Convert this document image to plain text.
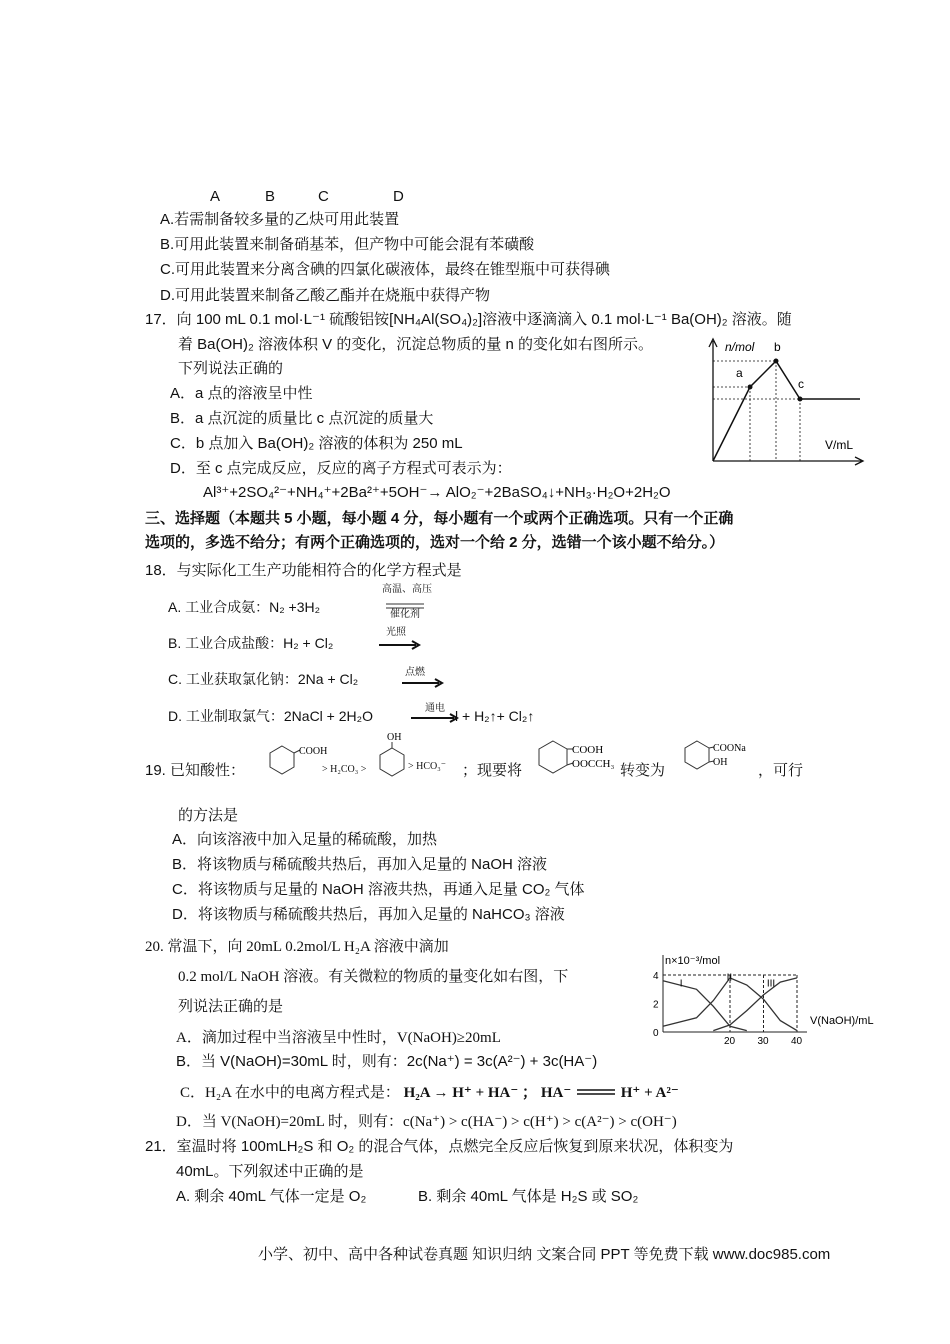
A	B	C	D
A.若需制备较多量的乙炔可用此装置
B.可用此装置来制备硝基苯，但产物中可能会混有苯磺酸
C.可用此装置来分离含碘的四氯化碳液体，最终在锥型瓶中可获得碘
D.可用此装置来制备乙酸乙酯并在烧瓶中获得产物
17．向 100 mL 0.1 mol·L⁻¹ 硫酸铝铵[NH₄Al(SO₄)₂]溶液中逐滴滴入 0.1 mol·L⁻¹ Ba(OH)₂ 溶液。随
着 Ba(OH)₂ 溶液体积 V 的变化，沉淀总物质的量 n 的变化如右图所示。
下列说法正确的
A．a 点的溶液呈中性
B．a 点沉淀的质量比 c 点沉淀的质量大
C．b 点加入 Ba(OH)₂ 溶液的体积为 250 mL
D．至 c 点完成反应，反应的离子方程式可表示为：
Al³⁺+2SO₄²⁻+NH₄⁺+2Ba²⁺+5OH⁻→ AlO₂⁻+2BaSO₄↓+NH₃·H₂O+2H₂O
n/mol b
a
c
V/mL
三、选择题（本题共 5 小题，每小题 4 分，每小题有一个或两个正确选项。只有一个正确
选项的，多选不给分；有两个正确选项的，选对一个给 2 分，选错一个该小题不给分。）
18．与实际化工生产功能相符合的化学方程式是
A. 工业合成氨：N₂ +3H₂
高温、高压
催化剂
B. 工业合成盐酸：H₂ + Cl₂
光照
C. 工业获取氯化钠：2Na + Cl₂	点燃
D. 工业制取氯气：2NaCl + 2H₂O	通电 l + H₂↑+ Cl₂↑
19. 已知酸性：
COOH
> H₂CO₃ >
OH
> HCO₃⁻ ；现要将
COOH
OOCCH₃ 转变为
COONa
OH ，可行
的方法是
A．向该溶液中加入足量的稀硫酸，加热
B．将该物质与稀硫酸共热后，再加入足量的 NaOH 溶液
C．将该物质与足量的 NaOH 溶液共热，再通入足量 CO₂ 气体
D．将该物质与稀硫酸共热后，再加入足量的 NaHCO₃ 溶液
20. 常温下，向 20mL 0.2mol/L H₂A 溶液中滴加
0.2 mol/L NaOH 溶液。有关微粒的物质的量变化如右图，下
列说法正确的是
A．滴加过程中当溶液呈中性时，V(NaOH)≥20mL
B．当 V(NaOH)=30mL 时，则有：2c(Na⁺) = 3c(A²⁻) + 3c(HA⁻)
C．H₂A 在水中的电离方程式是： H₂A → H⁺ + HA⁻ ； HA⁻	H⁺ + A²⁻
D．当 V(NaOH)=20mL 时，则有：c(Na⁺) > c(HA⁻) > c(H⁺) > c(A²⁻) > c(OH⁻)
n×10⁻³/mol
V(NaOH)/mL
4
2
0
20 30 40
I
II
III
21．室温时将 100mLH₂S 和 O₂ 的混合气体，点燃完全反应后恢复到原来状况，体积变为
40mL。下列叙述中正确的是
A. 剩余 40mL 气体一定是 O₂	B. 剩余 40mL 气体是 H₂S 或 SO₂
小学、初中、高中各种试卷真题 知识归纳 文案合同 PPT 等免费下载 www.doc985.com
